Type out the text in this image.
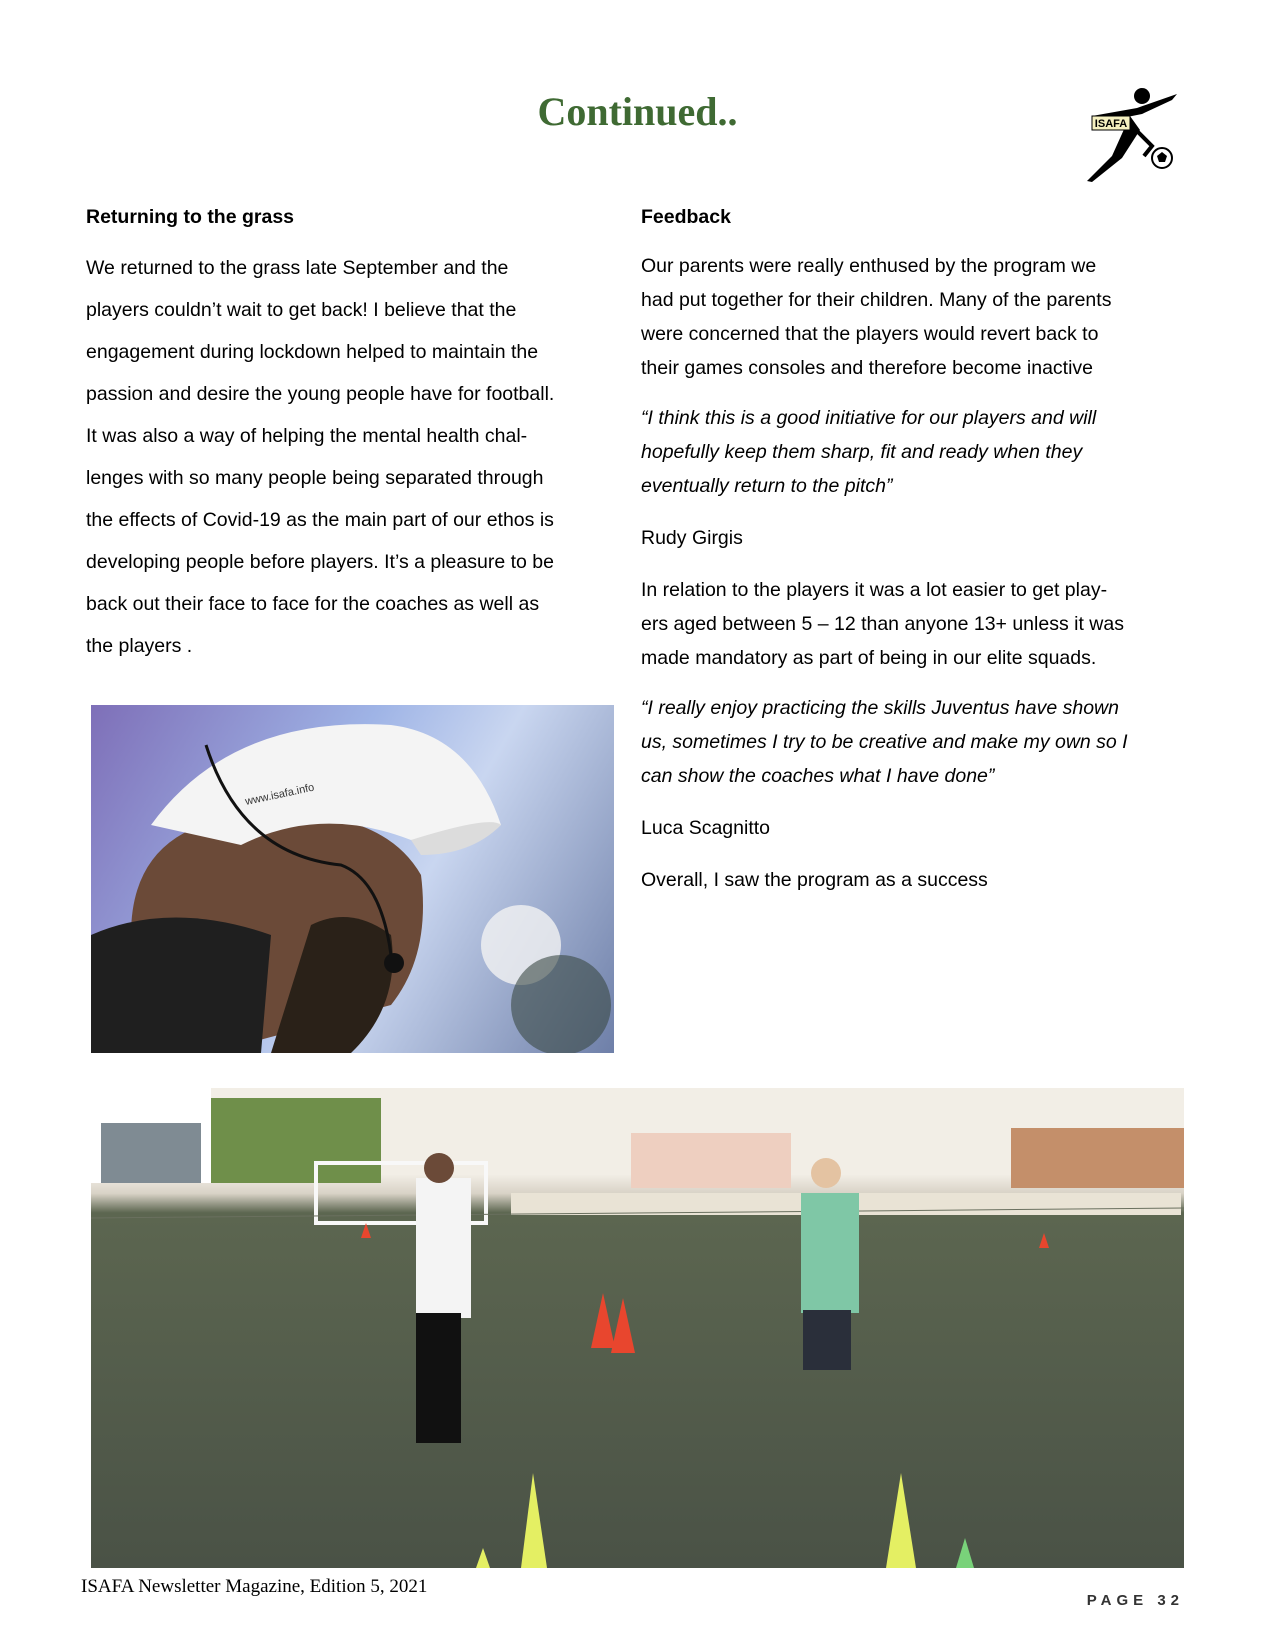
Continued..	ISAFA

Returning to the grass

We returned to the grass late September and the
players couldn’t wait to get back! I believe that the
engagement during lockdown helped to maintain the
passion and desire the young people have for football.
It was also a way of helping the mental health chal-
lenges with so many people being separated through
the effects of Covid-19 as the main part of our ethos is
developing people before players. It’s a pleasure to be
back out their face to face for the coaches as well as
the players .

Feedback

Our parents were really enthused by the program we
had put together for their children. Many of the parents
were concerned that the players would revert back to
their games consoles and therefore become inactive

“I think this is a good initiative for our players and will
hopefully keep them sharp, fit and ready when they
eventually return to the pitch”

Rudy Girgis

In relation to the players it was a lot easier to get play-
ers aged between 5 – 12 than anyone 13+ unless it was
made mandatory as part of being in our elite squads.

“I really enjoy practicing the skills Juventus have shown
us, sometimes I try to be creative and make my own so I
can show the coaches what I have done”

Luca Scagnitto

Overall, I saw the program as a success

www.isafa.info
ISAFA Newsletter Magazine, Edition 5, 2021
PAGE 32
